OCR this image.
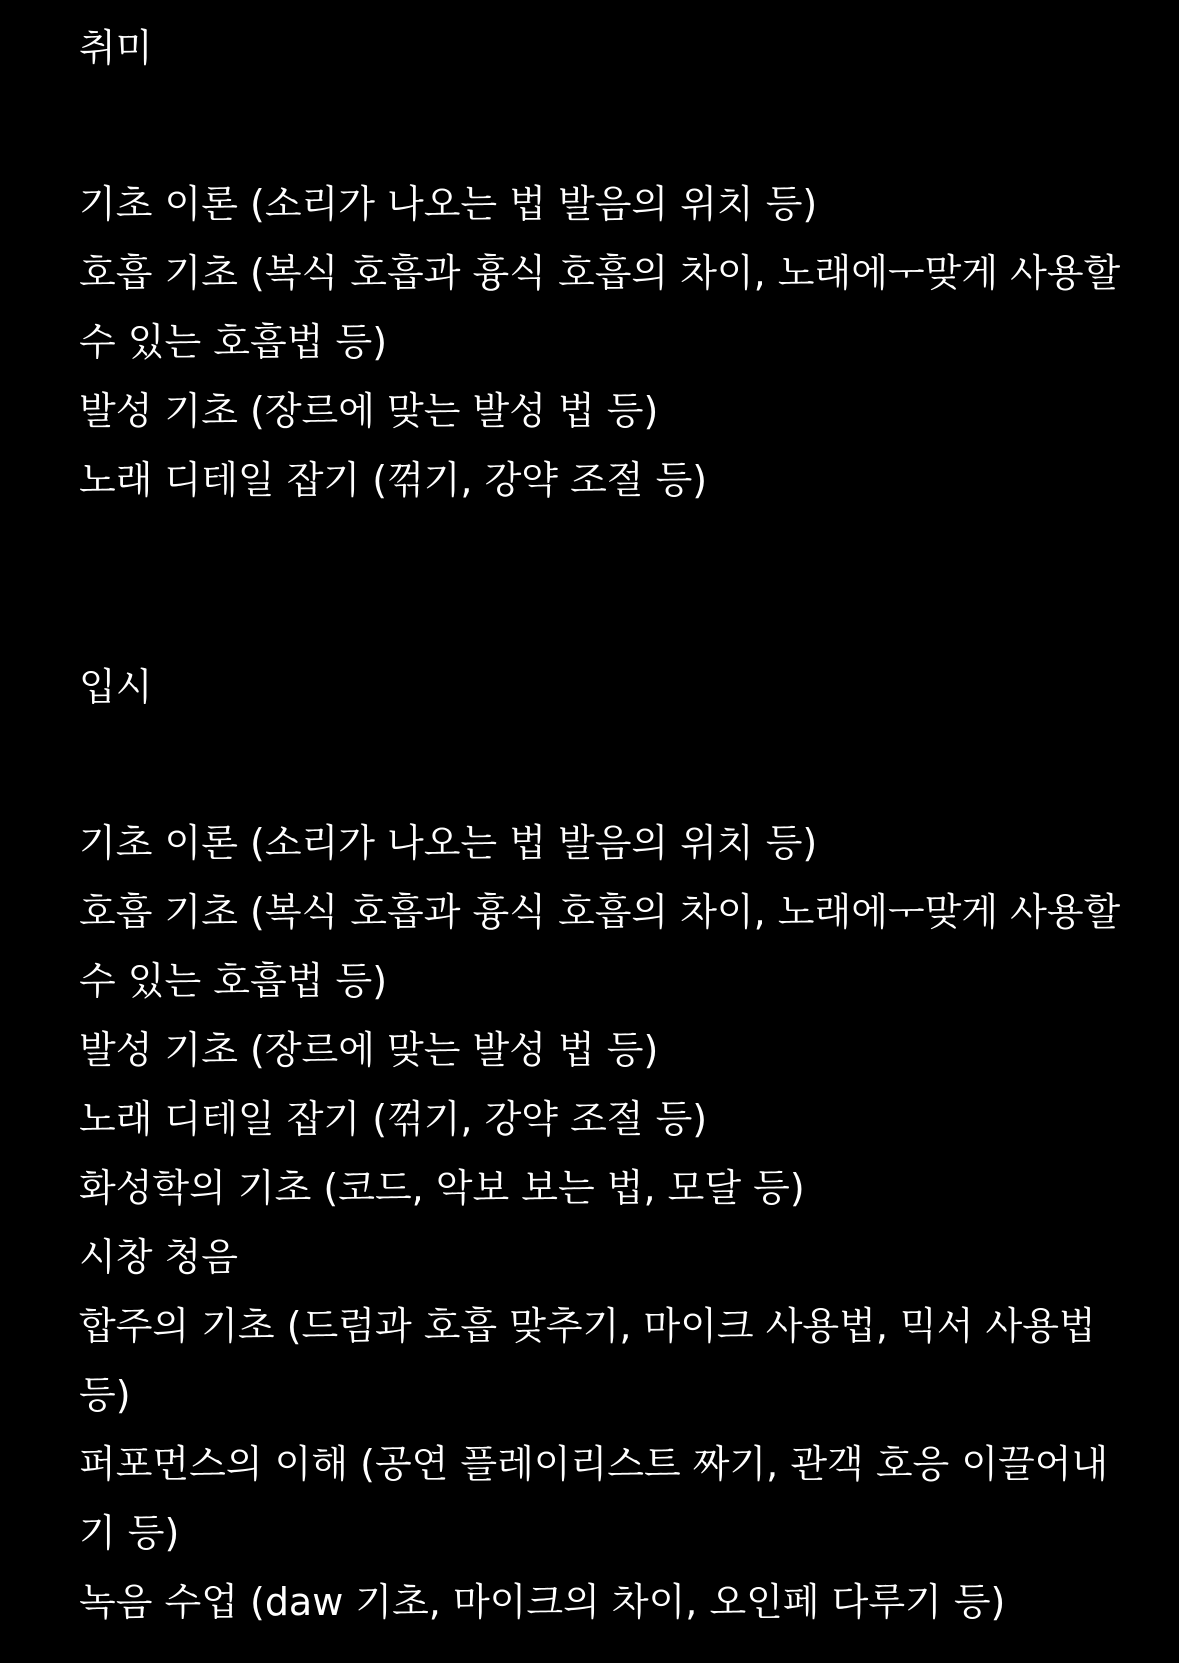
취미
기초 이론 (소리가 나오는 법 발음의 위치 등)
호흡 기초 (복식 호흡과 흉식 호흡의 차이, 노래에ᅮ맞게 사용할 수 있는 호흡법 등)
발성 기초 (장르에 맞는 발성 법 등)
노래 디테일 잡기 (꺾기, 강약 조절 등)
입시
기초 이론 (소리가 나오는 법 발음의 위치 등)
호흡 기초 (복식 호흡과 흉식 호흡의 차이, 노래에ᅮ맞게 사용할 수 있는 호흡법 등)
발성 기초 (장르에 맞는 발성 법 등)
노래 디테일 잡기 (꺾기, 강약 조절 등)
화성학의 기초 (코드, 악보 보는 법, 모달 등)
시창 청음
합주의 기초 (드럼과 호흡 맞추기, 마이크 사용법, 믹서 사용법 등)
퍼포먼스의 이해 (공연 플레이리스트 짜기, 관객 호응 이끌어내기 등)
녹음 수업 (daw 기초, 마이크의 차이, 오인페 다루기 등)
